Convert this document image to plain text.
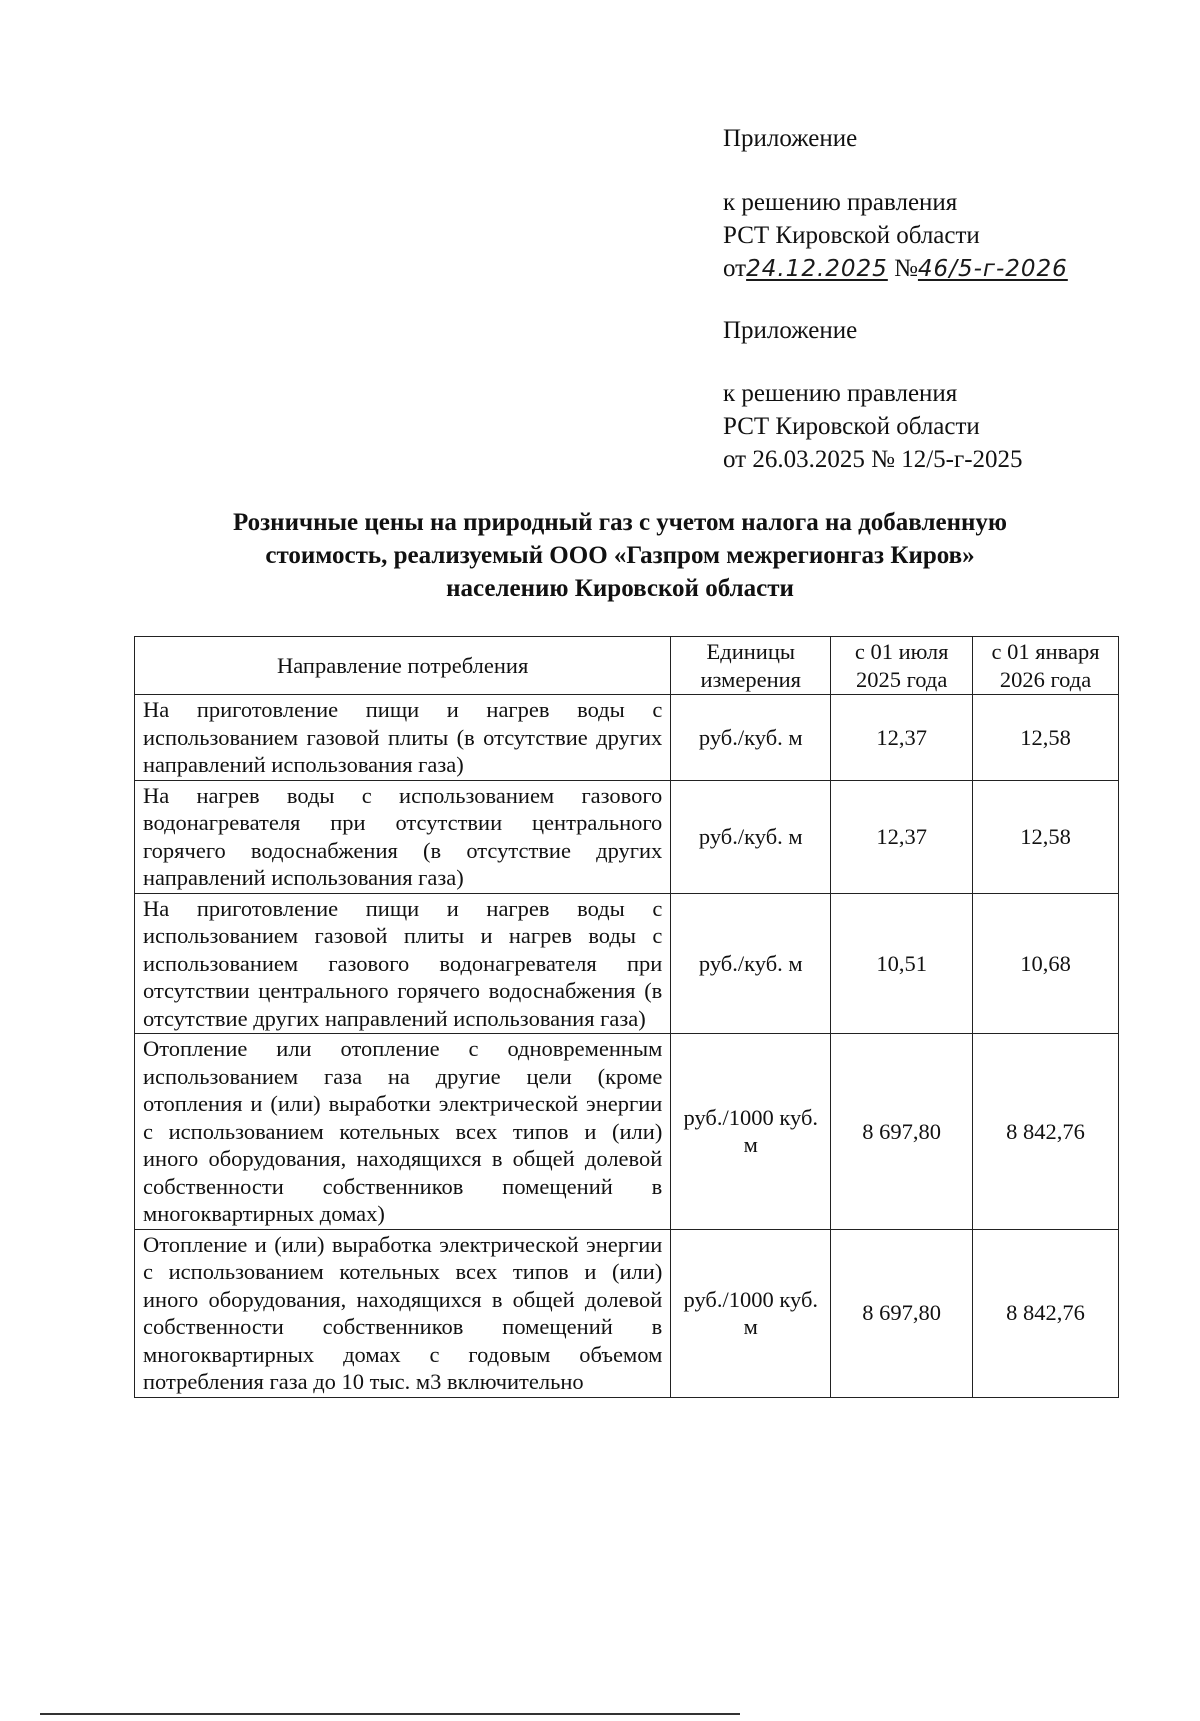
Приложение
к решению правления
РСТ Кировской области
от24.12.2025 №46/5-г-2026
Приложение
к решению правления
РСТ Кировской области
от 26.03.2025 № 12/5-г-2025
Розничные цены на природный газ с учетом налога на добавленную
стоимость, реализуемый ООО «Газпром межрегионгаз Киров»
населению Кировской области
Направление потребления	Единицы измерения	с 01 июля 2025 года	с 01 января 2026 года
На приготовление пищи и нагрев воды с использованием газовой плиты (в отсутствие других направлений использования газа)	руб./куб. м	12,37	12,58
На нагрев воды с использованием газового водонагревателя при отсутствии центрального горячего водоснабжения (в отсутствие других направлений использования газа)	руб./куб. м	12,37	12,58
На приготовление пищи и нагрев воды с использованием газовой плиты и нагрев воды с использованием газового водонагревателя при отсутствии центрального горячего водоснабжения (в отсутствие других направлений использования газа)	руб./куб. м	10,51	10,68
Отопление или отопление с одновременным использованием газа на другие цели (кроме отопления и (или) выработки электрической энергии с использованием котельных всех типов и (или) иного оборудования, находящихся в общей долевой собственности собственников помещений в многоквартирных домах)	руб./1000 куб. м	8 697,80	8 842,76
Отопление и (или) выработка электрической энергии с использованием котельных всех типов и (или) иного оборудования, находящихся в общей долевой собственности собственников помещений в многоквартирных домах с годовым объемом потребления газа до 10 тыс. м3 включительно	руб./1000 куб. м	8 697,80	8 842,76
